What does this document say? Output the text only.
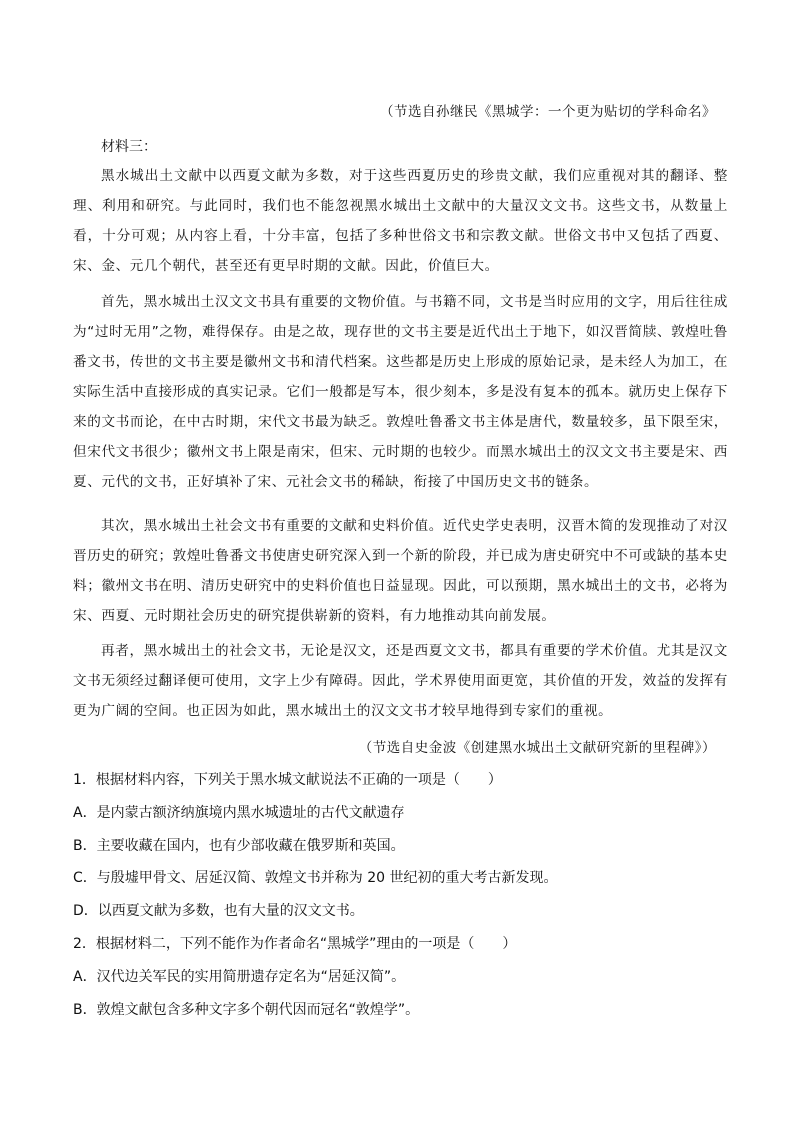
（节选自孙继民《黑城学：一个更为贴切的学科命名》
材料三：

黑水城出土文献中以西夏文献为多数，对于这些西夏历史的珍贵文献，我们应重视对其的翻译、整理、利用和研究。与此同时，我们也不能忽视黑水城出土文献中的大量汉文文书。这些文书，从数量上看，十分可观；从内容上看，十分丰富，包括了多种世俗文书和宗教文献。世俗文书中又包括了西夏、宋、金、元几个朝代，甚至还有更早时期的文献。因此，价值巨大。

首先，黑水城出土汉文文书具有重要的文物价值。与书籍不同，文书是当时应用的文字，用后往往成为“过时无用”之物，难得保存。由是之故，现存世的文书主要是近代出土于地下，如汉晋简牍、敦煌吐鲁番文书，传世的文书主要是徽州文书和清代档案。这些都是历史上形成的原始记录，是未经人为加工，在实际生活中直接形成的真实记录。它们一般都是写本，很少刻本，多是没有复本的孤本。就历史上保存下来的文书而论，在中古时期，宋代文书最为缺乏。敦煌吐鲁番文书主体是唐代，数量较多，虽下限至宋，但宋代文书很少；徽州文书上限是南宋，但宋、元时期的也较少。而黑水城出土的汉文文书主要是宋、西夏、元代的文书，正好填补了宋、元社会文书的稀缺，衔接了中国历史文书的链条。

其次，黑水城出土社会文书有重要的文献和史料价值。近代史学史表明，汉晋木简的发现推动了对汉晋历史的研究；敦煌吐鲁番文书使唐史研究深入到一个新的阶段，并已成为唐史研究中不可或缺的基本史料；徽州文书在明、清历史研究中的史料价值也日益显现。因此，可以预期，黑水城出土的文书，必将为宋、西夏、元时期社会历史的研究提供崭新的资料，有力地推动其向前发展。

再者，黑水城出土的社会文书，无论是汉文，还是西夏文文书，都具有重要的学术价值。尤其是汉文文书无须经过翻译便可使用，文字上少有障碍。因此，学术界使用面更宽，其价值的开发，效益的发挥有更为广阔的空间。也正因为如此，黑水城出土的汉文文书才较早地得到专家们的重视。

（节选自史金波《创建黑水城出土文献研究新的里程碑》）
1．根据材料内容，下列关于黑水城文献说法不正确的一项是（　　）
A．是内蒙古额济纳旗境内黑水城遗址的古代文献遗存
B．主要收藏在国内，也有少部收藏在俄罗斯和英国。
C．与殷墟甲骨文、居延汉简、敦煌文书并称为 20 世纪初的重大考古新发现。
D．以西夏文献为多数，也有大量的汉文文书。
2．根据材料二，下列不能作为作者命名“黑城学”理由的一项是（　　）
A．汉代边关军民的实用简册遗存定名为“居延汉简”。
B．敦煌文献包含多种文字多个朝代因而冠名“敦煌学”。
